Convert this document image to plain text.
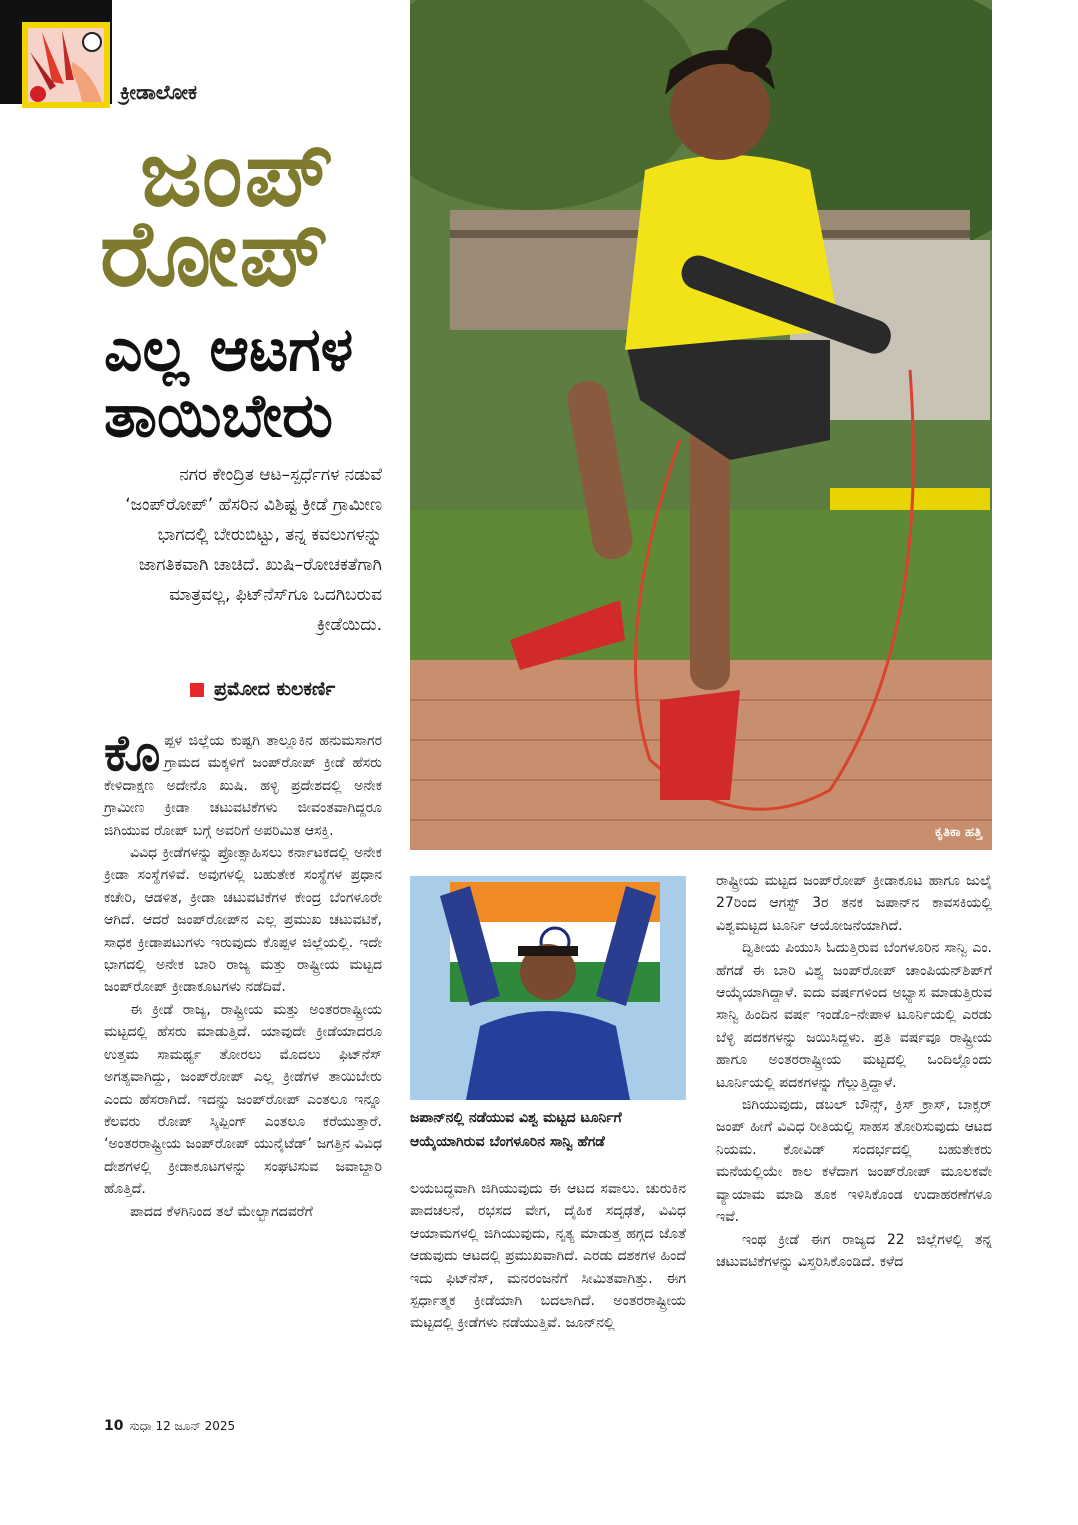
ಕ್ರೀಡಾಲೋಕ
ಜಂಪ್
ರೋಪ್
ಎಲ್ಲ ಆಟಗಳ
ತಾಯಿಬೇರು
ನಗರ ಕೇಂದ್ರಿತ ಆಟ–ಸ್ಪರ್ಧೆಗಳ ನಡುವೆ ‘ಜಂಪ್‌ರೋಪ್’ ಹೆಸರಿನ ವಿಶಿಷ್ಟ ಕ್ರೀಡೆ ಗ್ರಾಮೀಣ ಭಾಗದಲ್ಲಿ ಬೇರುಬಿಟ್ಟು, ತನ್ನ ಕವಲುಗಳನ್ನು ಜಾಗತಿಕವಾಗಿ ಚಾಚಿದೆ. ಖುಷಿ–ರೋಚಕತೆಗಾಗಿ ಮಾತ್ರವಲ್ಲ, ಫಿಟ್‌ನೆಸ್‌ಗೂ ಒದಗಿಬರುವ ಕ್ರೀಡೆಯಿದು.
ಪ್ರಮೋದ ಕುಲಕರ್ಣಿ

ಕೊಪ್ಪಳ ಜಿಲ್ಲೆಯ ಕುಷ್ಟಗಿ ತಾಲ್ಲೂಕಿನ ಹನುಮಸಾಗರ ಗ್ರಾಮದ ಮಕ್ಕಳಿಗೆ ಜಂಪ್‌ರೋಪ್ ಕ್ರೀಡೆ ಹೆಸರು ಕೇಳಿದಾಕ್ಷಣ ಅದೇನೊ ಖುಷಿ. ಹಳ್ಳಿ ಪ್ರದೇಶದಲ್ಲಿ ಅನೇಕ ಗ್ರಾಮೀಣ ಕ್ರೀಡಾ ಚಟುವಟಿಕೆಗಳು ಜೀವಂತವಾಗಿದ್ದರೂ ಜಿಗಿಯುವ ರೋಪ್ ಬಗ್ಗೆ ಅವರಿಗೆ ಅಪರಿಮಿತ ಆಸಕ್ತಿ.

ವಿವಿಧ ಕ್ರೀಡೆಗಳನ್ನು ಪ್ರೋತ್ಸಾಹಿಸಲು ಕರ್ನಾಟಕದಲ್ಲಿ ಅನೇಕ ಕ್ರೀಡಾ ಸಂಸ್ಥೆಗಳಿವೆ. ಅವುಗಳಲ್ಲಿ ಬಹುತೇಕ ಸಂಸ್ಥೆಗಳ ಪ್ರಧಾನ ಕಚೇರಿ, ಆಡಳಿತ, ಕ್ರೀಡಾ ಚಟುವಟಿಕೆಗಳ ಕೇಂದ್ರ ಬೆಂಗಳೂರೇ ಆಗಿದೆ. ಆದರೆ ಜಂಪ್‌ರೋಪ್‌ನ ಎಲ್ಲ ಪ್ರಮುಖ ಚಟುವಟಿಕೆ, ಸಾಧಕ ಕ್ರೀಡಾಪಟುಗಳು ಇರುವುದು ಕೊಪ್ಪಳ ಜಿಲ್ಲೆಯಲ್ಲಿ. ಇದೇ ಭಾಗದಲ್ಲಿ ಅನೇಕ ಬಾರಿ ರಾಜ್ಯ ಮತ್ತು ರಾಷ್ಟ್ರೀಯ ಮಟ್ಟದ ಜಂಪ್‌ರೋಪ್ ಕ್ರೀಡಾಕೂಟಗಳು ನಡೆದಿವೆ.

ಈ ಕ್ರೀಡೆ ರಾಜ್ಯ, ರಾಷ್ಟ್ರೀಯ ಮತ್ತು ಅಂತರರಾಷ್ಟ್ರೀಯ ಮಟ್ಟದಲ್ಲಿ ಹೆಸರು ಮಾಡುತ್ತಿದೆ. ಯಾವುದೇ ಕ್ರೀಡೆಯಾದರೂ ಉತ್ತಮ ಸಾಮರ್ಥ್ಯ ತೋರಲು ಮೊದಲು ಫಿಟ್‌ನೆಸ್ ಅಗತ್ಯವಾಗಿದ್ದು, ಜಂಪ್‌ರೋಪ್ ಎಲ್ಲ ಕ್ರೀಡೆಗಳ ತಾಯಿಬೇರು ಎಂದು ಹೆಸರಾಗಿದೆ. ಇದನ್ನು ಜಂಪ್‌ರೋಪ್ ಎಂತಲೂ ಇನ್ನೂ ಕೆಲವರು ರೋಪ್ ಸ್ಕಿಪ್ಪಿಂಗ್ ಎಂತಲೂ ಕರೆಯುತ್ತಾರೆ. ‘ಅಂತರರಾಷ್ಟ್ರೀಯ ಜಂಪ್‌ರೋಪ್ ಯುನೈಟೆಡ್’ ಜಗತ್ತಿನ ವಿವಿಧ ದೇಶಗಳಲ್ಲಿ ಕ್ರೀಡಾಕೂಟಗಳನ್ನು ಸಂಘಟಿಸುವ ಜವಾಬ್ದಾರಿ ಹೊತ್ತಿದೆ.

ಪಾದದ ಕೆಳಗಿನಿಂದ ತಲೆ ಮೇಲ್ಭಾಗದವರೆಗೆ

ಕೃತಿಕಾ ಹತ್ತಿ
ಜಪಾನ್‌ನಲ್ಲಿ ನಡೆಯುವ ವಿಶ್ವ ಮಟ್ಟದ ಟೂರ್ನಿಗೆ ಆಯ್ಕೆಯಾಗಿರುವ ಬೆಂಗಳೂರಿನ ಸಾನ್ವಿ ಹೆಗಡೆ

ಲಯಬದ್ಧವಾಗಿ ಜಿಗಿಯುವುದು ಈ ಆಟದ ಸವಾಲು. ಚುರುಕಿನ ಪಾದಚಲನೆ, ರಭಸದ ವೇಗ, ದೈಹಿಕ ಸದೃಢತೆ, ವಿವಿಧ ಆಯಾಮಗಳಲ್ಲಿ ಜಿಗಿಯುವುದು, ನೃತ್ಯ ಮಾಡುತ್ತ ಹಗ್ಗದ ಜೊತೆ ಆಡುವುದು ಆಟದಲ್ಲಿ ಪ್ರಮುಖವಾಗಿದೆ. ಎರಡು ದಶಕಗಳ ಹಿಂದೆ ಇದು ಫಿಟ್‌ನೆಸ್, ಮನರಂಜನೆಗೆ ಸೀಮಿತವಾಗಿತ್ತು. ಈಗ ಸ್ಪರ್ಧಾತ್ಮಕ ಕ್ರೀಡೆಯಾಗಿ ಬದಲಾಗಿದೆ. ಅಂತರರಾಷ್ಟ್ರೀಯ ಮಟ್ಟದಲ್ಲಿ ಕ್ರೀಡೆಗಳು ನಡೆಯುತ್ತಿವೆ. ಜೂನ್‌ನಲ್ಲಿ

ರಾಷ್ಟ್ರೀಯ ಮಟ್ಟದ ಜಂಪ್‌ರೋಪ್ ಕ್ರೀಡಾಕೂಟ ಹಾಗೂ ಜುಲೈ 27ರಿಂದ ಆಗಸ್ಟ್ 3ರ ತನಕ ಜಪಾನ್‌ನ ಕಾವಸಕಿಯಲ್ಲಿ ವಿಶ್ವಮಟ್ಟದ ಟೂರ್ನಿ ಆಯೋಜನೆಯಾಗಿದೆ.

ದ್ವಿತೀಯ ಪಿಯುಸಿ ಓದುತ್ತಿರುವ ಬೆಂಗಳೂರಿನ ಸಾನ್ವಿ ಎಂ. ಹೆಗಡೆ ಈ ಬಾರಿ ವಿಶ್ವ ಜಂಪ್‌ರೋಪ್ ಚಾಂಪಿಯನ್‌ಶಿಪ್‌ಗೆ ಆಯ್ಕೆಯಾಗಿದ್ದಾಳೆ. ಐದು ವರ್ಷಗಳಿಂದ ಅಭ್ಯಾಸ ಮಾಡುತ್ತಿರುವ ಸಾನ್ವಿ ಹಿಂದಿನ ವರ್ಷ ಇಂಡೊ–ನೇಪಾಳ ಟೂರ್ನಿಯಲ್ಲಿ ಎರಡು ಬೆಳ್ಳಿ ಪದಕಗಳನ್ನು ಜಯಿಸಿದ್ದಳು. ಪ್ರತಿ ವರ್ಷವೂ ರಾಷ್ಟ್ರೀಯ ಹಾಗೂ ಅಂತರರಾಷ್ಟ್ರೀಯ ಮಟ್ಟದಲ್ಲಿ ಒಂದಿಲ್ಲೊಂದು ಟೂರ್ನಿಯಲ್ಲಿ ಪದಕಗಳನ್ನು ಗೆಲ್ಲುತ್ತಿದ್ದಾಳೆ.

ಜಿಗಿಯುವುದು, ಡಬಲ್ ಬೌನ್ಸ್, ಕ್ರಿಸ್ ಕ್ರಾಸ್, ಬಾಕ್ಸರ್ ಜಂಪ್ ಹೀಗೆ ವಿವಿಧ ರೀತಿಯಲ್ಲಿ ಸಾಹಸ ತೋರಿಸುವುದು ಆಟದ ನಿಯಮ. ಕೋವಿಡ್ ಸಂದರ್ಭದಲ್ಲಿ ಬಹುತೇಕರು ಮನೆಯಲ್ಲಿಯೇ ಕಾಲ ಕಳೆದಾಗ ಜಂಪ್‌ರೋಪ್ ಮೂಲಕವೇ ವ್ಯಾಯಾಮ ಮಾಡಿ ತೂಕ ಇಳಿಸಿಕೊಂಡ ಉದಾಹರಣೆಗಳೂ ಇವೆ.

ಇಂಥ ಕ್ರೀಡೆ ಈಗ ರಾಜ್ಯದ 22 ಜಿಲ್ಲೆಗಳಲ್ಲಿ ತನ್ನ ಚಟುವಟಿಕೆಗಳನ್ನು ವಿಸ್ತರಿಸಿಕೊಂಡಿದೆ. ಕಳೆದ

10 ಸುಧಾ 12 ಜೂನ್ 2025
